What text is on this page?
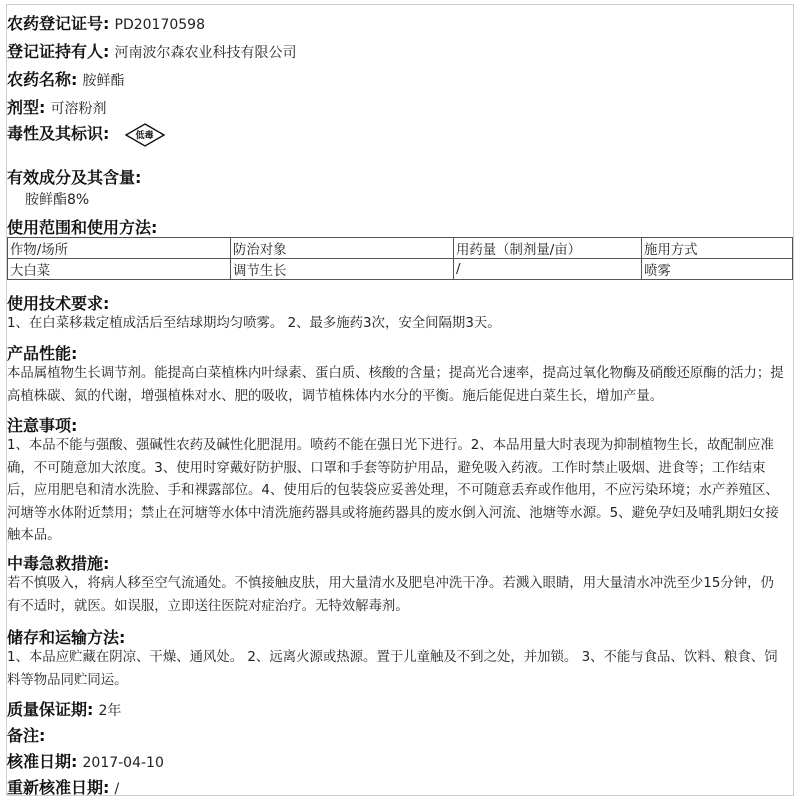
农药登记证号: PD20170598
登记证持有人: 河南波尔森农业科技有限公司
农药名称: 胺鲜酯
剂型: 可溶粉剂
毒性及其标识:	低毒
有效成分及其含量:
胺鲜酯8%
使用范围和使用方法:
作物/场所	防治对象	用药量（制剂量/亩）	施用方式
大白菜	调节生长	/	喷雾
使用技术要求:
1、在白菜移栽定植成活后至结球期均匀喷雾。 2、最多施药3次，安全间隔期3天。
产品性能:
本品属植物生长调节剂。能提高白菜植株内叶绿素、蛋白质、核酸的含量；提高光合速率，提高过氧化物酶及硝酸还原酶的活力；提高植株碳、氮的代谢，增强植株对水、肥的吸收，调节植株体内水分的平衡。施后能促进白菜生长，增加产量。
注意事项:
1、本品不能与强酸、强碱性农药及碱性化肥混用。喷药不能在强日光下进行。2、本品用量大时表现为抑制植物生长，故配制应准确，不可随意加大浓度。3、使用时穿戴好防护服、口罩和手套等防护用品，避免吸入药液。工作时禁止吸烟、进食等；工作结束后，应用肥皂和清水洗脸、手和裸露部位。4、使用后的包装袋应妥善处理，不可随意丢弃或作他用，不应污染环境；水产养殖区、河塘等水体附近禁用；禁止在河塘等水体中清洗施药器具或将施药器具的废水倒入河流、池塘等水源。5、避免孕妇及哺乳期妇女接触本品。
中毒急救措施:
若不慎吸入，将病人移至空气流通处。不慎接触皮肤，用大量清水及肥皂冲洗干净。若溅入眼睛，用大量清水冲洗至少15分钟，仍有不适时，就医。如误服，立即送往医院对症治疗。无特效解毒剂。
储存和运输方法:
1、本品应贮藏在阴凉、干燥、通风处。 2、远离火源或热源。置于儿童触及不到之处，并加锁。 3、不能与食品、饮料、粮食、饲料等物品同贮同运。
质量保证期: 2年
备注:
核准日期: 2017-04-10
重新核准日期: /
